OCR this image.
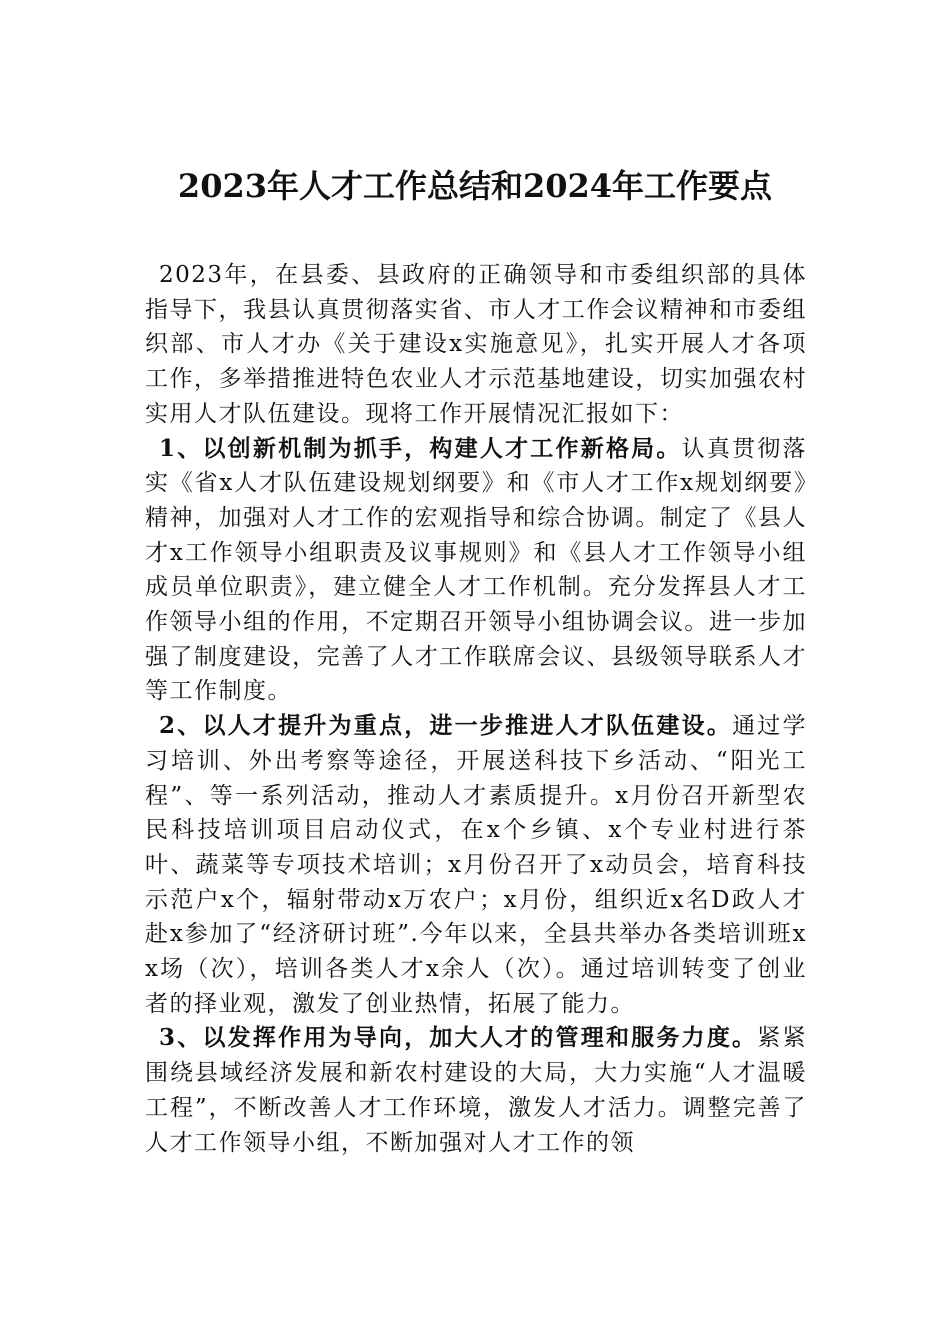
2023年人才工作总结和2024年工作要点

2023年，在县委、县政府的正确领导和市委组织部的具体指导下，我县认真贯彻落实省、市人才工作会议精神和市委组织部、市人才办《关于建设x实施意见》，扎实开展人才各项工作，多举措推进特色农业人才示范基地建设，切实加强农村实用人才队伍建设。现将工作开展情况汇报如下：

1、以创新机制为抓手，构建人才工作新格局。认真贯彻落实《省x人才队伍建设规划纲要》和《市人才工作x规划纲要》精神，加强对人才工作的宏观指导和综合协调。制定了《县人才x工作领导小组职责及议事规则》和《县人才工作领导小组成员单位职责》，建立健全人才工作机制。充分发挥县人才工作领导小组的作用，不定期召开领导小组协调会议。进一步加强了制度建设，完善了人才工作联席会议、县级领导联系人才等工作制度。

2、以人才提升为重点，进一步推进人才队伍建设。通过学习培训、外出考察等途径，开展送科技下乡活动、“阳光工程”、等一系列活动，推动人才素质提升。x月份召开新型农民科技培训项目启动仪式，在x个乡镇、x个专业村进行茶叶、蔬菜等专项技术培训；x月份召开了x动员会，培育科技示范户x个，辐射带动x万农户；x月份，组织近x名D政人才赴x参加了“经济研讨班”.今年以来，全县共举办各类培训班xx场（次），培训各类人才x余人（次）。通过培训转变了创业者的择业观，激发了创业热情，拓展了能力。

3、以发挥作用为导向，加大人才的管理和服务力度。紧紧围绕县域经济发展和新农村建设的大局，大力实施“人才温暖工程”，不断改善人才工作环境，激发人才活力。调整完善了人才工作领导小组，不断加强对人才工作的领
